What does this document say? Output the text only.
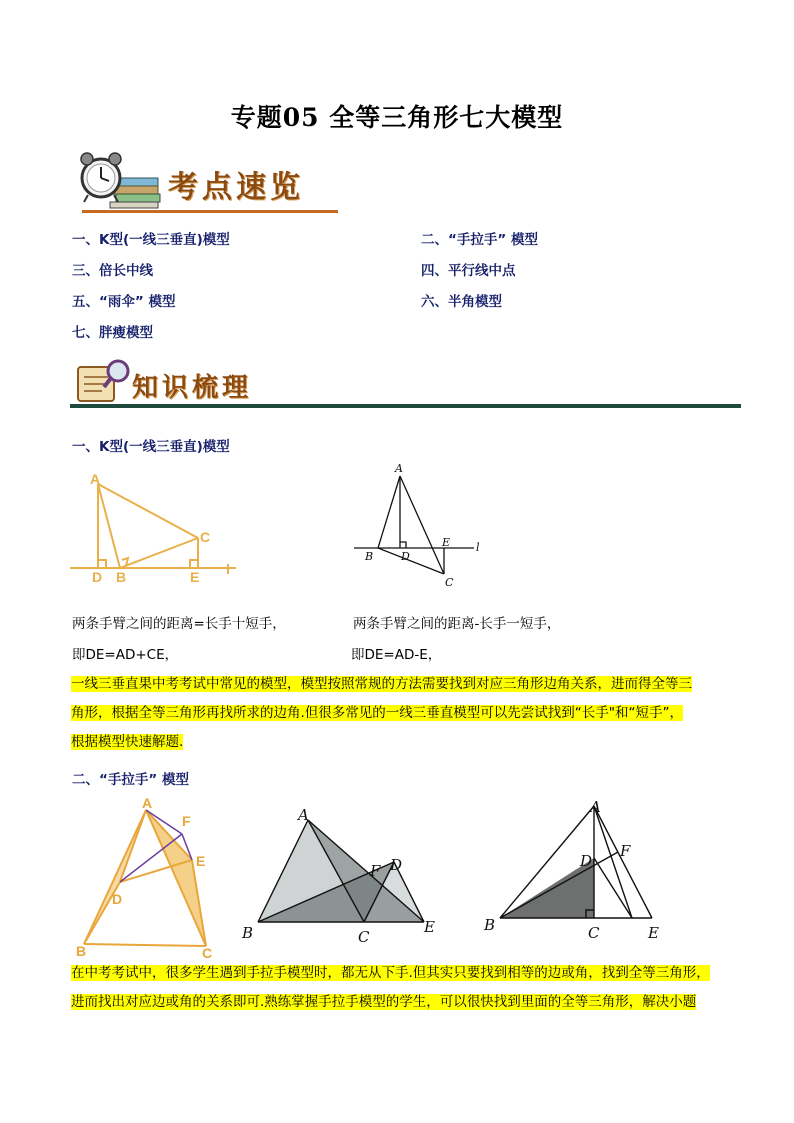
专题05 全等三角形七大模型
考点速览
一、K型(一线三垂直)模型	二、“手拉手” 模型
三、倍长中线	四、平行线中点
五、“雨伞” 模型	六、半角模型
七、胖瘦模型
知识梳理
一、K型(一线三垂直)模型
A
C
D B	E l
A
B	D
E
C
l
两条手臂之间的距离=长手十短手，	两条手臂之间的距离-长手一短手，
即DE=AD+CE，	即DE=AD-E，
一线三垂直果中考考试中常见的模型，模型按照常规的方法需要找到对应三角形边角关系，进而得全等三
角形，根据全等三角形再找所求的边角.但很多常见的一线三垂直模型可以先尝试找到“长手"和“短手”，
根据模型快速解题.
二、“手拉手” 模型
A
F
E
D
B	C
A
F D
B	C
E
A
F
D
B	C	E
在中考考试中，很多学生遇到手拉手模型时，都无从下手.但其实只要找到相等的边或角，找到全等三角形，
进而找出对应边或角的关系即可.熟练掌握手拉手模型的学生，可以很快找到里面的全等三角形，解决小题
